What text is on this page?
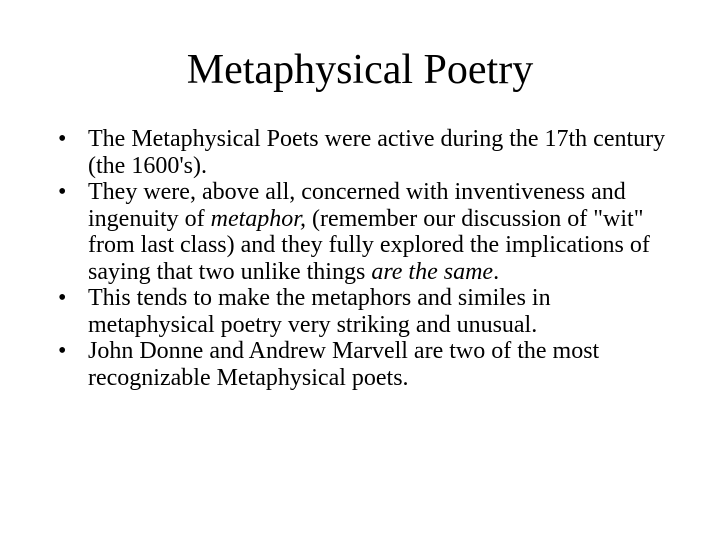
Metaphysical Poetry
• The Metaphysical Poets were active during the 17th century (the 1600's).
• They were, above all, concerned with inventiveness and ingenuity of metaphor, (remember our discussion of "wit" from last class) and they fully explored the implications of saying that two unlike things are the same.
• This tends to make the metaphors and similes in metaphysical poetry very striking and unusual.
• John Donne and Andrew Marvell are two of the most recognizable Metaphysical poets.
